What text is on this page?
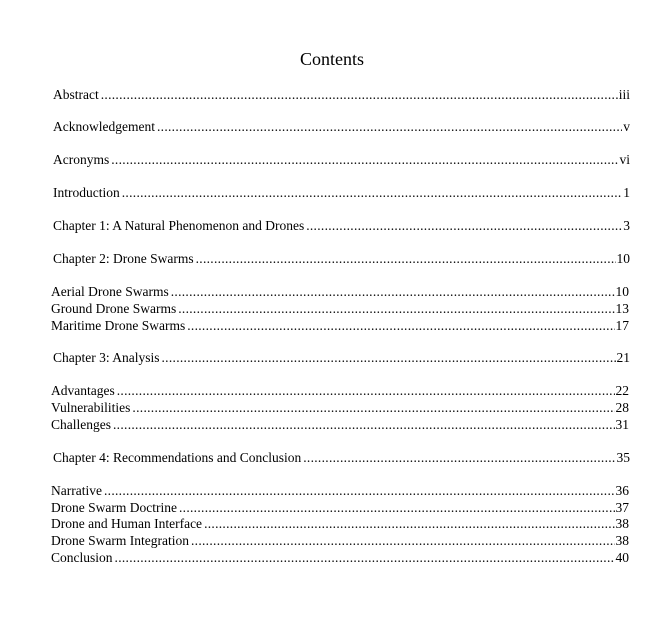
Contents
Abstract .....	iii
Acknowledgement .....	v
Acronyms .....	vi
Introduction .....	1
Chapter 1: A Natural Phenomenon and Drones .....	3
Chapter 2: Drone Swarms .....	10
Aerial Drone Swarms .....	10
Ground Drone Swarms .....	13
Maritime Drone Swarms .....	17
Chapter 3: Analysis .....	21
Advantages .....	22
Vulnerabilities .....	28
Challenges .....	31
Chapter 4: Recommendations and Conclusion .....	35
Narrative .....	36
Drone Swarm Doctrine .....	37
Drone and Human Interface .....	38
Drone Swarm Integration .....	38
Conclusion .....	40
